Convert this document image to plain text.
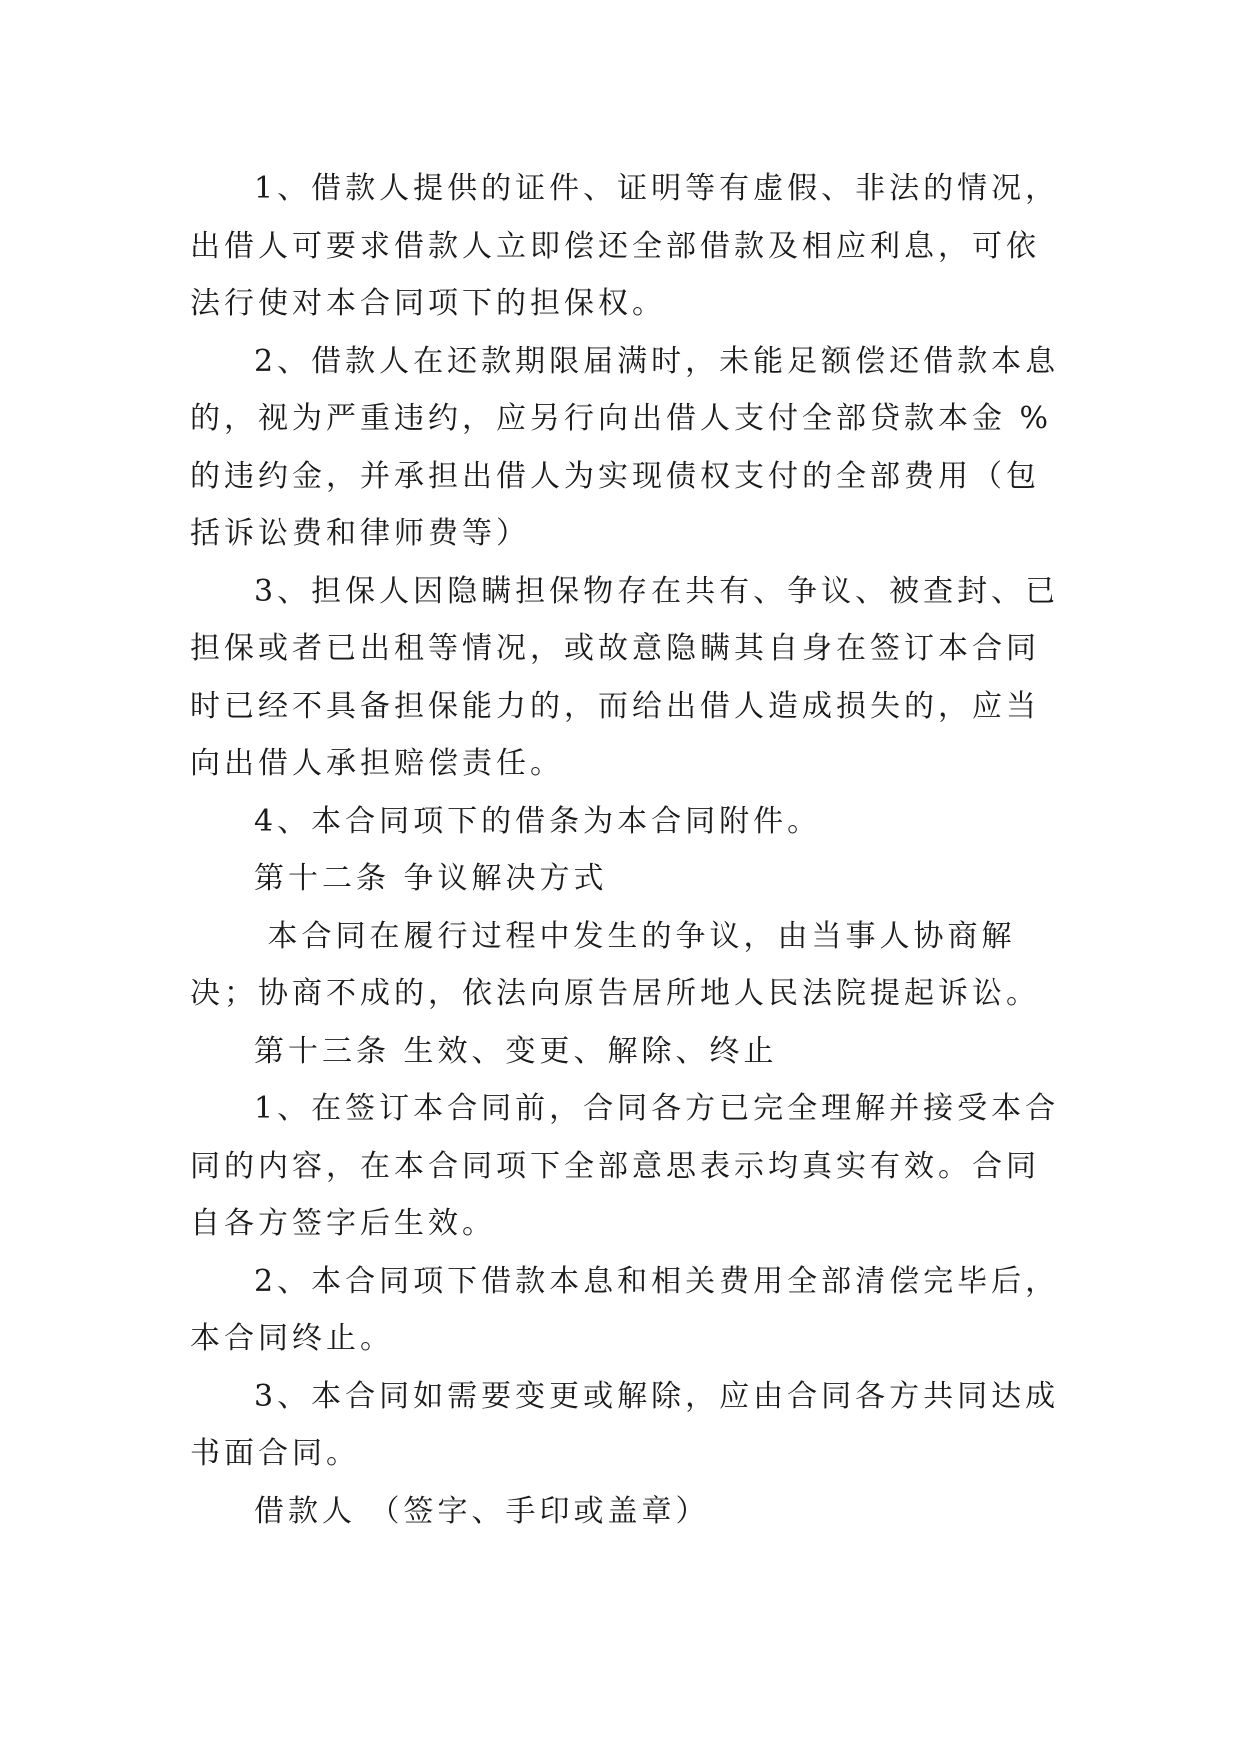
1、借款人提供的证件、证明等有虚假、非法的情况，出借人可要求借款人立即偿还全部借款及相应利息，可依法行使对本合同项下的担保权。

2、借款人在还款期限届满时，未能足额偿还借款本息的，视为严重违约，应另行向出借人支付全部贷款本金 %的违约金，并承担出借人为实现债权支付的全部费用（包括诉讼费和律师费等）

3、担保人因隐瞒担保物存在共有、争议、被查封、已担保或者已出租等情况，或故意隐瞒其自身在签订本合同时已经不具备担保能力的，而给出借人造成损失的，应当向出借人承担赔偿责任。

4、本合同项下的借条为本合同附件。

第十二条 争议解决方式

本合同在履行过程中发生的争议，由当事人协商解决；协商不成的，依法向原告居所地人民法院提起诉讼。

第十三条 生效、变更、解除、终止

1、在签订本合同前，合同各方已完全理解并接受本合同的内容，在本合同项下全部意思表示均真实有效。合同自各方签字后生效。

2、本合同项下借款本息和相关费用全部清偿完毕后，本合同终止。

3、本合同如需要变更或解除，应由合同各方共同达成书面合同。

借款人 （签字、手印或盖章）
